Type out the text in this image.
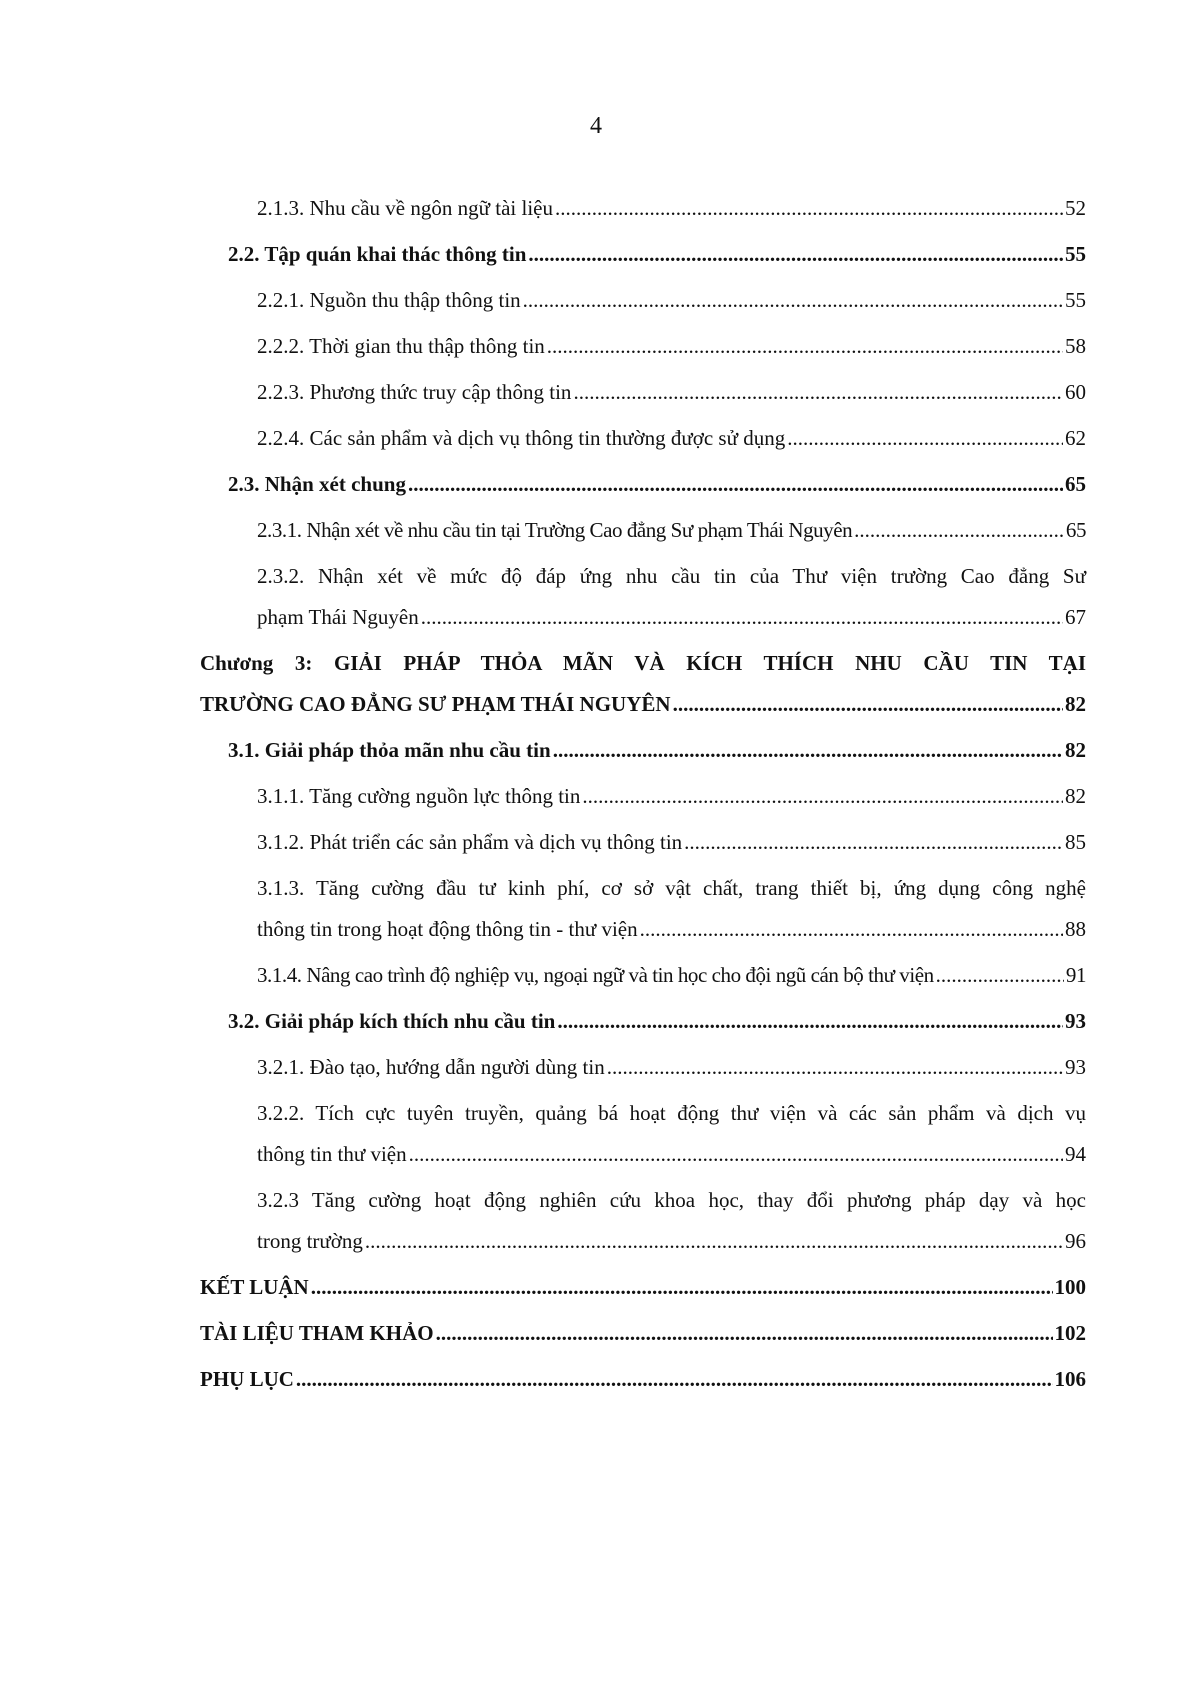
4
2.1.3. Nhu cầu về ngôn ngữ tài liệu .....	52
2.2. Tập quán khai thác thông tin .....	55
2.2.1. Nguồn thu thập thông tin .....	55
2.2.2. Thời gian thu thập thông tin .....	58
2.2.3. Phương thức truy cập thông tin .....	60
2.2.4. Các sản phẩm và dịch vụ thông tin thường được sử dụng .....	62
2.3. Nhận xét chung .....	65
2.3.1. Nhận xét về nhu cầu tin tại Trường Cao đẳng Sư phạm Thái Nguyên .....	65
2.3.2. Nhận xét về mức độ đáp ứng nhu cầu tin của Thư viện trường Cao đẳng Sư
phạm Thái Nguyên .....	67
Chương 3: GIẢI PHÁP THỎA MÃN VÀ KÍCH THÍCH NHU CẦU TIN TẠI
TRƯỜNG CAO ĐẲNG SƯ PHẠM THÁI NGUYÊN .....	82
3.1. Giải pháp thỏa mãn nhu cầu tin .....	82
3.1.1. Tăng cường nguồn lực thông tin .....	82
3.1.2. Phát triển các sản phẩm và dịch vụ thông tin .....	85
3.1.3. Tăng cường đầu tư kinh phí, cơ sở vật chất, trang thiết bị, ứng dụng công nghệ
thông tin trong hoạt động thông tin - thư viện .....	88
3.1.4. Nâng cao trình độ nghiệp vụ, ngoại ngữ và tin học cho đội ngũ cán bộ thư viện .....	91
3.2. Giải pháp kích thích nhu cầu tin .....	93
3.2.1. Đào tạo, hướng dẫn người dùng tin .....	93
3.2.2. Tích cực tuyên truyền, quảng bá hoạt động thư viện và các sản phẩm và dịch vụ
thông tin thư viện .....	94
3.2.3 Tăng cường hoạt động nghiên cứu khoa học, thay đổi phương pháp dạy và học
trong trường .....	96
KẾT LUẬN .....	100
TÀI LIỆU THAM KHẢO .....	102
PHỤ LỤC .....	106
